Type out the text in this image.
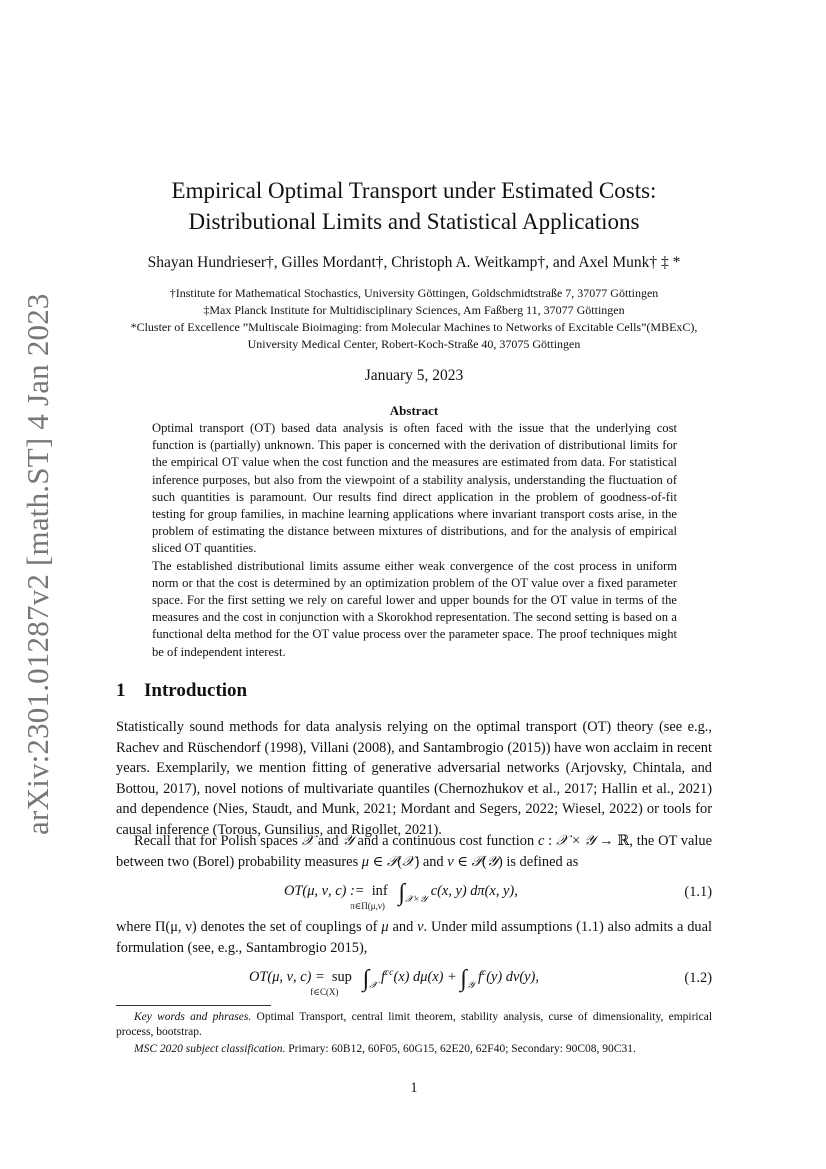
arXiv:2301.01287v2 [math.ST] 4 Jan 2023
Empirical Optimal Transport under Estimated Costs:
Distributional Limits and Statistical Applications
Shayan Hundrieser†, Gilles Mordant†, Christoph A. Weitkamp†, and Axel Munk† ‡ *
†Institute for Mathematical Stochastics, University Göttingen, Goldschmidtstraße 7, 37077 Göttingen
‡Max Planck Institute for Multidisciplinary Sciences, Am Faßberg 11, 37077 Göttingen
*Cluster of Excellence ”Multiscale Bioimaging: from Molecular Machines to Networks of Excitable Cells”(MBExC),
University Medical Center, Robert-Koch-Straße 40, 37075 Göttingen
January 5, 2023
Abstract

Optimal transport (OT) based data analysis is often faced with the issue that the underlying cost function is (partially) unknown. This paper is concerned with the derivation of distributional limits for the empirical OT value when the cost function and the measures are estimated from data. For statistical inference purposes, but also from the viewpoint of a stability analysis, understanding the fluctuation of such quantities is paramount. Our results find direct application in the problem of goodness-of-fit testing for group families, in machine learning applications where invariant transport costs arise, in the problem of estimating the distance between mixtures of distributions, and for the analysis of empirical sliced OT quantities.

The established distributional limits assume either weak convergence of the cost process in uniform norm or that the cost is determined by an optimization problem of the OT value over a fixed parameter space. For the first setting we rely on careful lower and upper bounds for the OT value in terms of the measures and the cost in conjunction with a Skorokhod representation. The second setting is based on a functional delta method for the OT value process over the parameter space. The proof techniques might be of independent interest.

1 Introduction

Statistically sound methods for data analysis relying on the optimal transport (OT) theory (see e.g., Rachev and Rüschendorf (1998), Villani (2008), and Santambrogio (2015)) have won acclaim in recent years. Exemplarily, we mention fitting of generative adversarial networks (Arjovsky, Chintala, and Bottou, 2017), novel notions of multivariate quantiles (Chernozhukov et al., 2017; Hallin et al., 2021) and dependence (Nies, Staudt, and Munk, 2021; Mordant and Segers, 2022; Wiesel, 2022) or tools for causal inference (Torous, Gunsilius, and Rigollet, 2021).

Recall that for Polish spaces 𝒳 and 𝒴 and a continuous cost function c : 𝒳 × 𝒴 → ℝ, the OT value between two (Borel) probability measures μ ∈ 𝒫(𝒳) and ν ∈ 𝒫(𝒴) is defined as

OT(μ, ν, c) :=  inf
π∈Π(μ,ν) $\int_{𝒳\times 𝒴}$ c(x, y) dπ(x, y),	(1.1)

where Π(μ, ν) denotes the set of couplings of μ and ν. Under mild assumptions (1.1) also admits a dual formulation (see, e.g., Santambrogio 2015),

OT(μ, ν, c) =  sup
f∈C(X) $\int_𝒳$ $f^{cc}(x) d\mu(x) + \int_𝒴$ $f^c(y)$ dν(y),	(1.2)

Key words and phrases. Optimal Transport, central limit theorem, stability analysis, curse of dimensionality, empirical process, bootstrap.

MSC 2020 subject classification. Primary: 60B12, 60F05, 60G15, 62E20, 62F40; Secondary: 90C08, 90C31.

1
